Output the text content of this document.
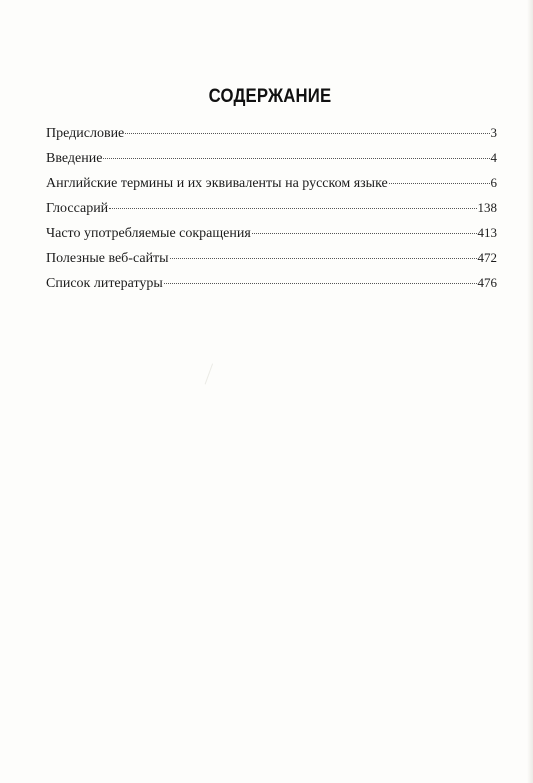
СОДЕРЖАНИЕ
Предисловие	3
Введение	4
Английские термины и их эквиваленты на русском языке	6
Глоссарий	138
Часто употребляемые сокращения	413
Полезные веб-сайты	472
Список литературы	476
